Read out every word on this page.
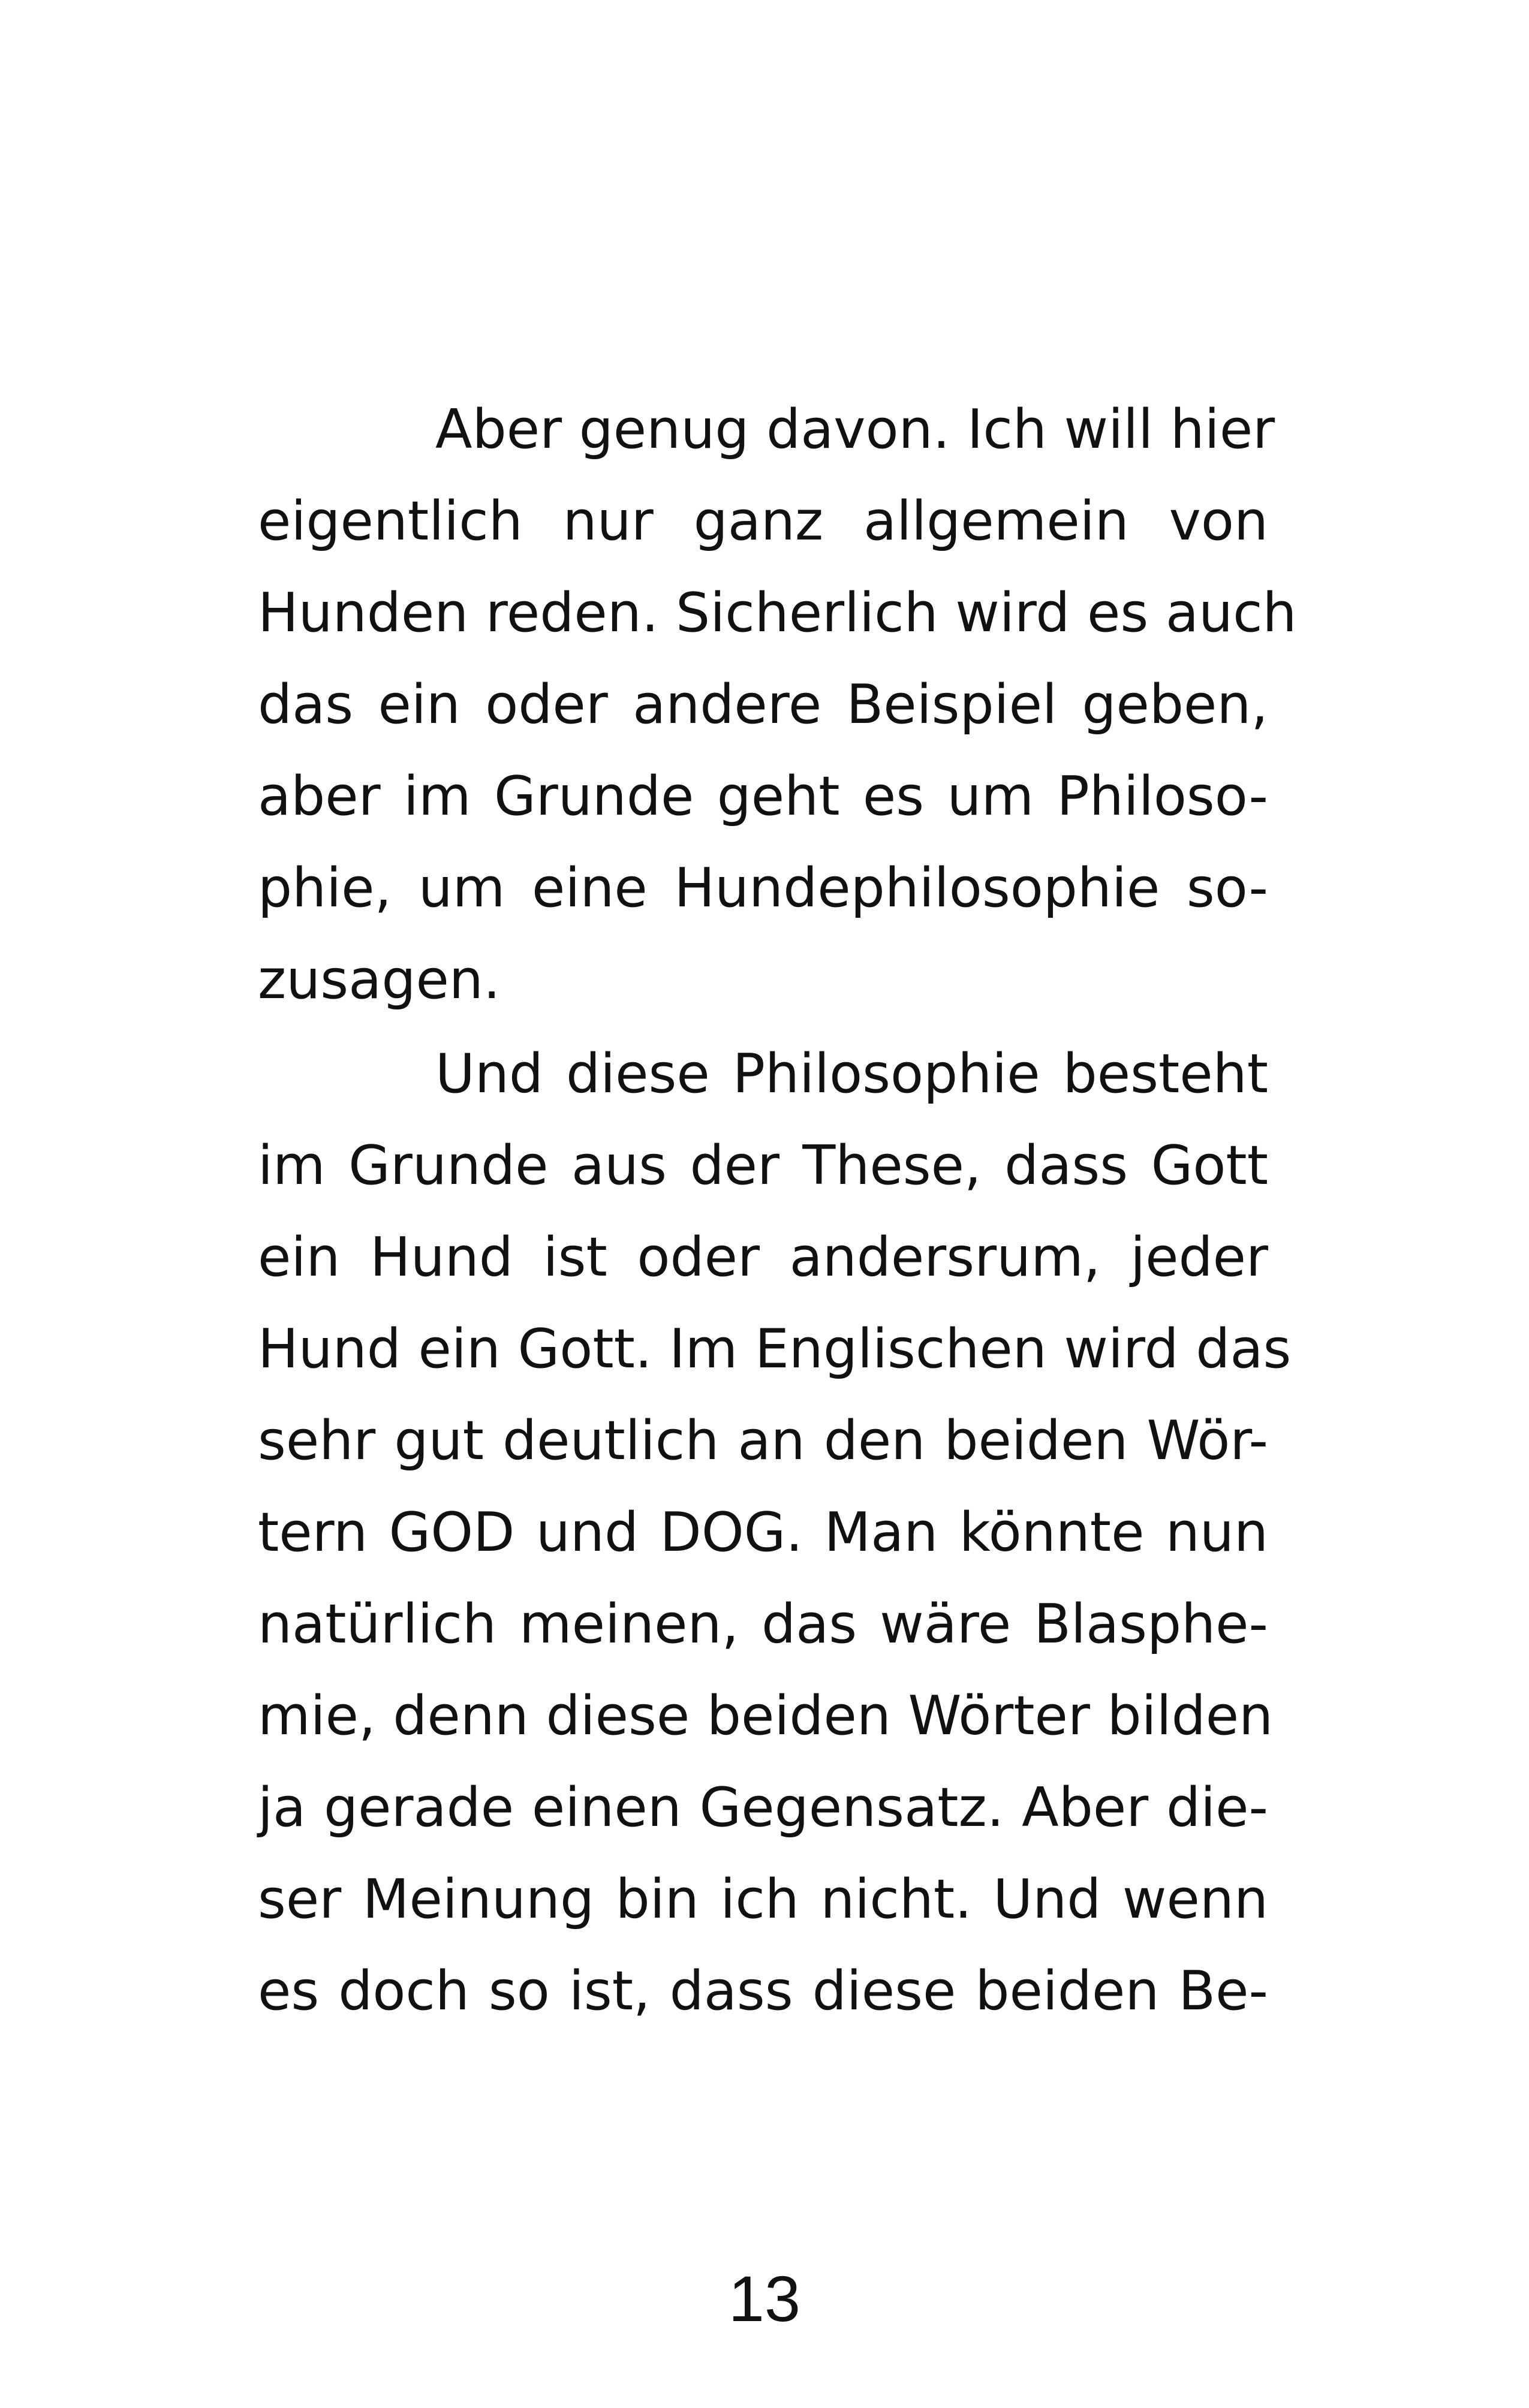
Aber genug davon. Ich will hier
eigentlich nur ganz allgemein von
Hunden reden. Sicherlich wird es auch
das ein oder andere Beispiel geben,
aber im Grunde geht es um Philoso-
phie, um eine Hundephilosophie so-
zusagen.
Und diese Philosophie besteht
im Grunde aus der These, dass Gott
ein Hund ist oder andersrum, jeder
Hund ein Gott. Im Englischen wird das
sehr gut deutlich an den beiden Wör-
tern GOD und DOG. Man könnte nun
natürlich meinen, das wäre Blasphe-
mie, denn diese beiden Wörter bilden
ja gerade einen Gegensatz. Aber die-
ser Meinung bin ich nicht. Und wenn
es doch so ist, dass diese beiden Be-
13
